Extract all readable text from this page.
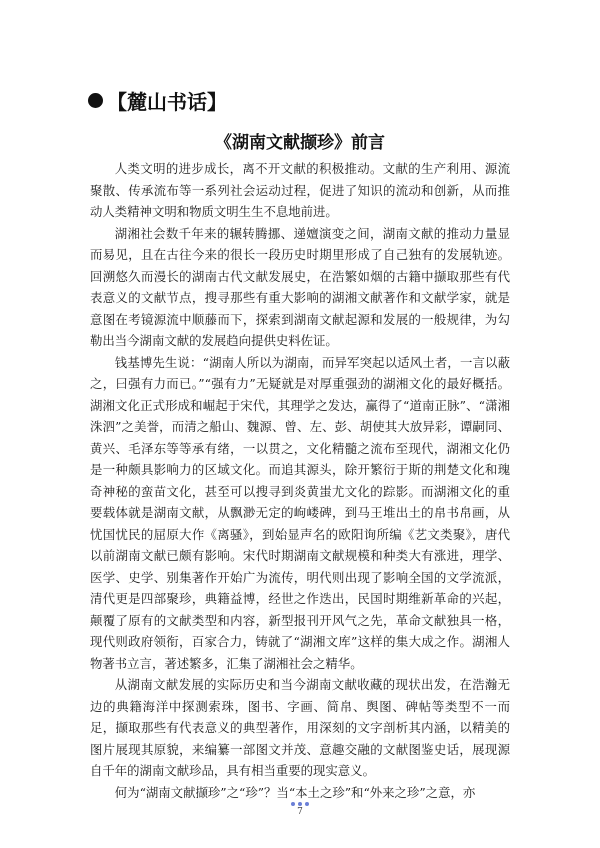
【麓山书话】
《湖南文献撷珍》前言

人类文明的进步成长，离不开文献的积极推动。文献的生产利用、源流聚散、传承流布等一系列社会运动过程，促进了知识的流动和创新，从而推动人类精神文明和物质文明生生不息地前进。

湖湘社会数千年来的辗转腾挪、递嬗演变之间，湖南文献的推动力量显而易见，且在古往今来的很长一段历史时期里形成了自己独有的发展轨迹。回溯悠久而漫长的湖南古代文献发展史，在浩繁如烟的古籍中撷取那些有代表意义的文献节点，搜寻那些有重大影响的湖湘文献著作和文献学家，就是意图在考镜源流中顺藤而下，探索到湖南文献起源和发展的一般规律，为勾勒出当今湖南文献的发展趋向提供史料佐证。

钱基博先生说：“湖南人所以为湖南，而异军突起以适风土者，一言以蔽之，曰强有力而已。”“强有力”无疑就是对厚重强劲的湖湘文化的最好概括。湖湘文化正式形成和崛起于宋代，其理学之发达，赢得了“道南正脉”、“潇湘洙泗”之美誉，而清之船山、魏源、曾、左、彭、胡使其大放异彩，谭嗣同、黄兴、毛泽东等等承有绪，一以贯之，文化精髓之流布至现代，湖湘文化仍是一种颇具影响力的区域文化。而追其源头，除开繁衍于斯的荆楚文化和瑰奇神秘的蛮苗文化，甚至可以搜寻到炎黄蚩尤文化的踪影。而湖湘文化的重要载体就是湖南文献，从飘渺无定的岣嵝碑，到马王堆出土的帛书帛画，从忧国忧民的屈原大作《离骚》，到始显声名的欧阳询所编《艺文类聚》，唐代以前湖南文献已颇有影响。宋代时期湖南文献规模和种类大有涨进，理学、医学、史学、别集著作开始广为流传，明代则出现了影响全国的文学流派，清代更是四部聚珍，典籍益博，经世之作迭出，民国时期维新革命的兴起，颠覆了原有的文献类型和内容，新型报刊开风气之先，革命文献独具一格，现代则政府领衔，百家合力，铸就了“湖湘文库”这样的集大成之作。湖湘人物著书立言，著述繁多，汇集了湖湘社会之精华。

从湖南文献发展的实际历史和当今湖南文献收藏的现状出发，在浩瀚无边的典籍海洋中探测索珠，图书、字画、简帛、舆图、碑帖等类型不一而足，撷取那些有代表意义的典型著作，用深刻的文字剖析其内涵，以精美的图片展现其原貌，来编纂一部图文并茂、意趣交融的文献图鉴史话，展现源自千年的湖南文献珍品，具有相当重要的现实意义。

何为“湖南文献撷珍”之“珍”？当“本土之珍”和“外来之珍”之意，亦

7
